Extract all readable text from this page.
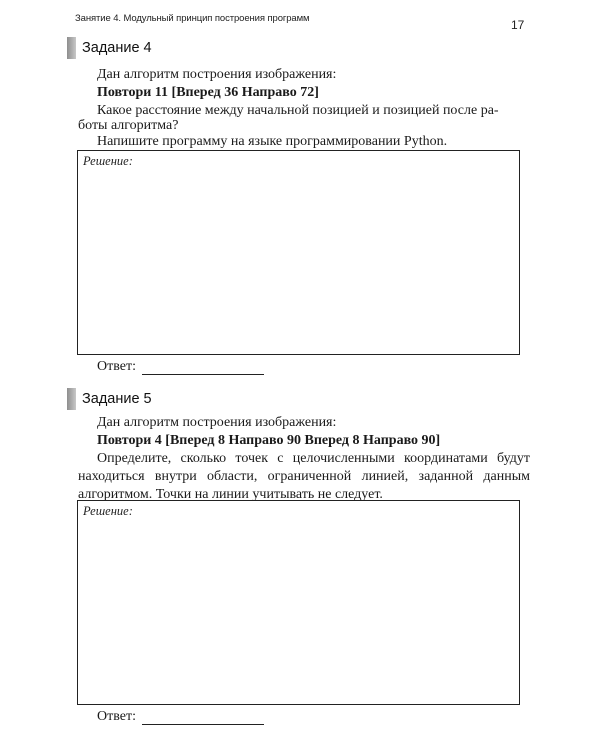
Занятие 4. Модульный принцип построения программ	17
Задание 4
Дан алгоритм построения изображения:
Повтори 11 [Вперед 36 Направо 72]
Какое расстояние между начальной позицией и позицией после ра-
боты алгоритма?
Напишите программу на языке программировании Python.
Решение:
Ответ:
Задание 5
Дан алгоритм построения изображения:
Повтори 4 [Вперед 8 Направо 90 Вперед 8 Направо 90]
Определите, сколько точек с целочисленными координатами будут находиться внутри области, ограниченной линией, заданной данным алгоритмом. Точки на линии учитывать не следует.
Решение:
Ответ:
